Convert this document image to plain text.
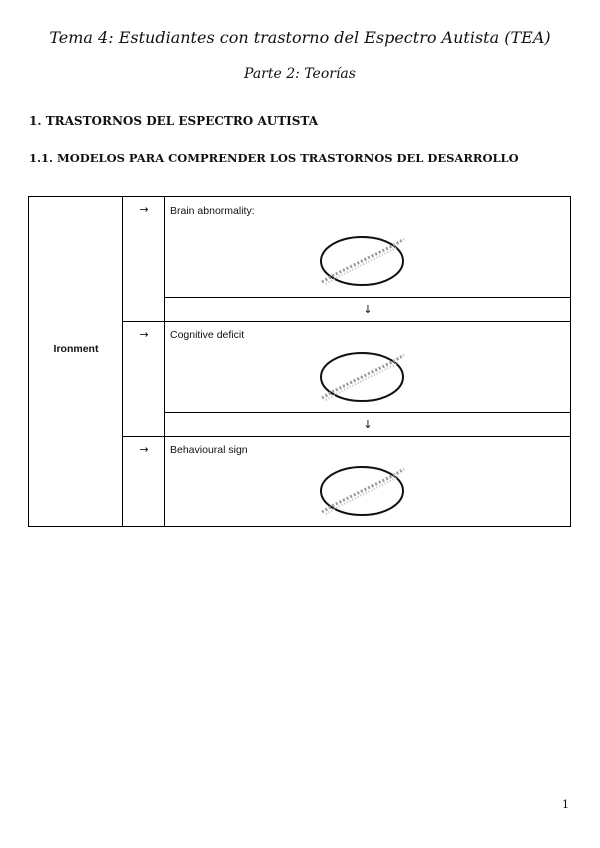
Tema 4: Estudiantes con trastorno del Espectro Autista (TEA)
Parte 2: Teorías
1. TRASTORNOS DEL ESPECTRO AUTISTA
1.1. MODELOS PARA COMPRENDER LOS TRASTORNOS DEL DESARROLLO
Ironment
→
→
→
↓
↓
Brain abnormality:
Cognitive deficit
Behavioural sign
1
